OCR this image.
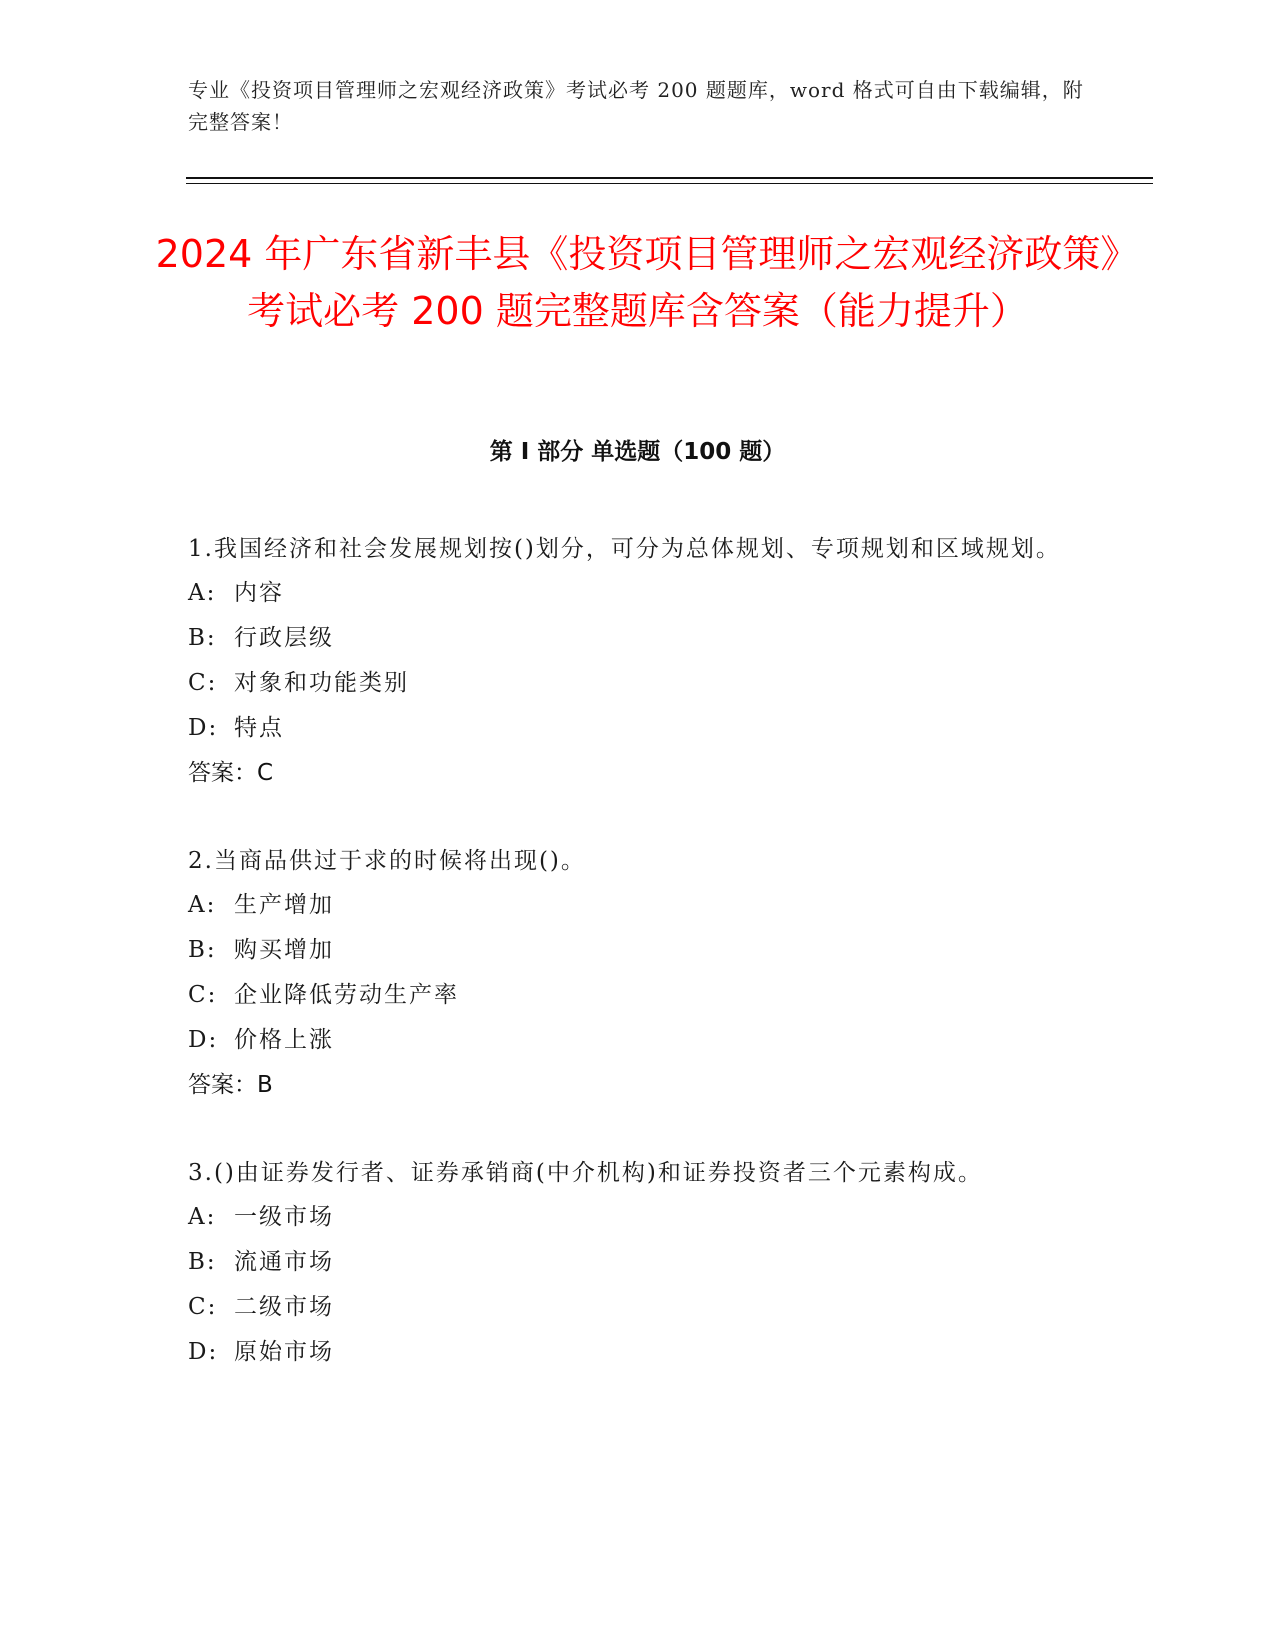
专业《投资项目管理师之宏观经济政策》考试必考 200 题题库，word 格式可自由下载编辑，附完整答案！
2024 年广东省新丰县《投资项目管理师之宏观经济政策》考试必考 200 题完整题库含答案（能力提升）
第 I 部分 单选题（100 题）

1.我国经济和社会发展规划按()划分，可分为总体规划、专项规划和区域规划。

A: 内容

B: 行政层级

C: 对象和功能类别

D: 特点

答案：C

2.当商品供过于求的时候将出现()。

A: 生产增加

B: 购买增加

C: 企业降低劳动生产率

D: 价格上涨

答案：B

3.()由证券发行者、证券承销商(中介机构)和证券投资者三个元素构成。

A: 一级市场

B: 流通市场

C: 二级市场

D: 原始市场
